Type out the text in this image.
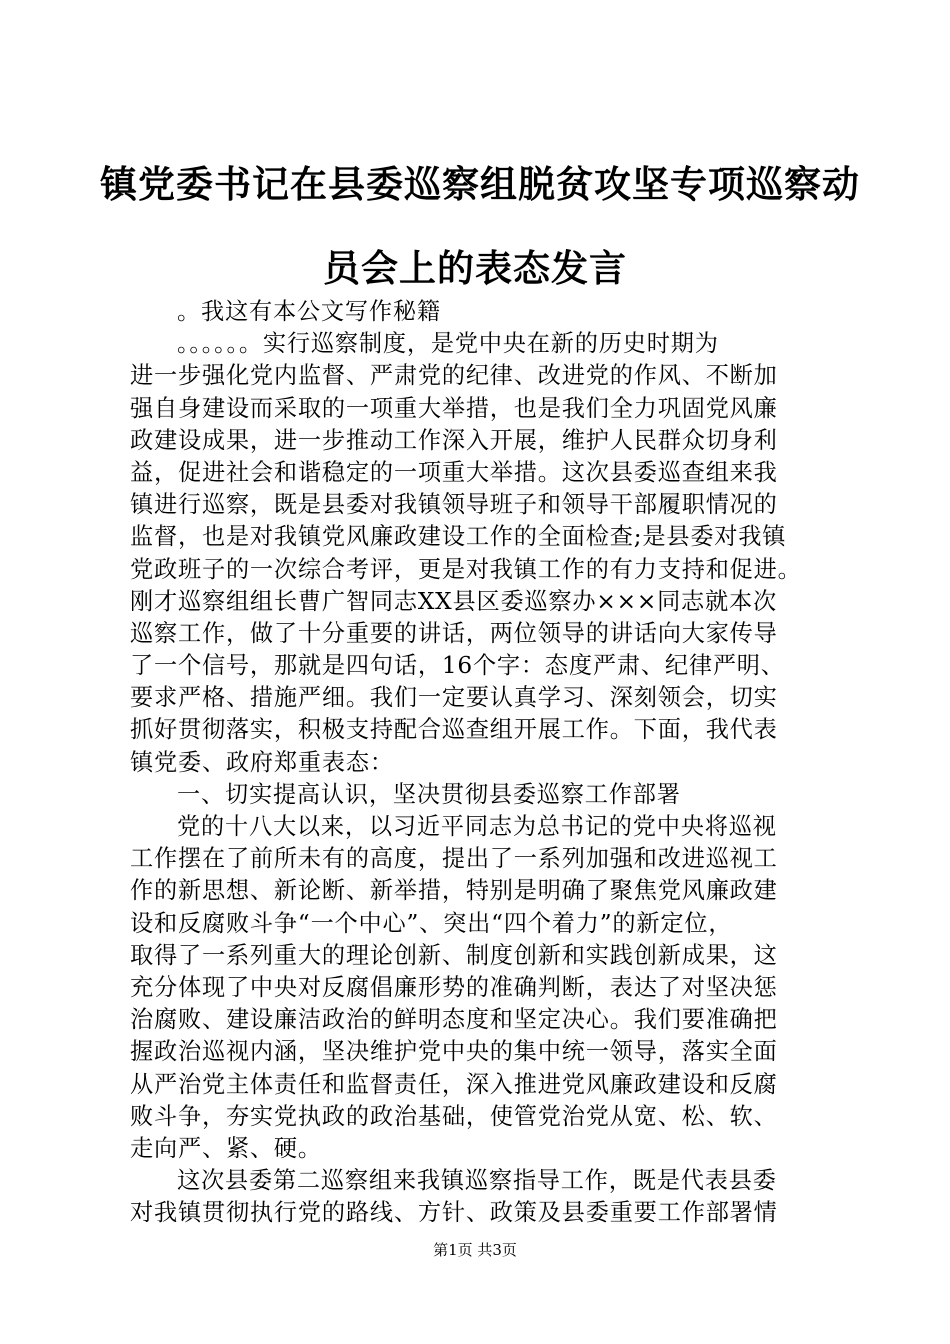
镇党委书记在县委巡察组脱贫攻坚专项巡察动
员会上的表态发言
。我这有本公文写作秘籍
。。。。。。实行巡察制度，是党中央在新的历史时期为
进一步强化党内监督、严肃党的纪律、改进党的作风、不断加
强自身建设而采取的一项重大举措，也是我们全力巩固党风廉
政建设成果，进一步推动工作深入开展，维护人民群众切身利
益，促进社会和谐稳定的一项重大举措。这次县委巡查组来我
镇进行巡察，既是县委对我镇领导班子和领导干部履职情况的
监督，也是对我镇党风廉政建设工作的全面检查;是县委对我镇
党政班子的一次综合考评，更是对我镇工作的有力支持和促进。
刚才巡察组组长曹广智同志XX县区委巡察办×××同志就本次
巡察工作，做了十分重要的讲话，两位领导的讲话向大家传导
了一个信号，那就是四句话，16个字：态度严肃、纪律严明、
要求严格、措施严细。我们一定要认真学习、深刻领会，切实
抓好贯彻落实，积极支持配合巡查组开展工作。下面，我代表
镇党委、政府郑重表态：
一、切实提高认识，坚决贯彻县委巡察工作部署
党的十八大以来，以习近平同志为总书记的党中央将巡视
工作摆在了前所未有的高度，提出了一系列加强和改进巡视工
作的新思想、新论断、新举措，特别是明确了聚焦党风廉政建
设和反腐败斗争“一个中心”、突出“四个着力”的新定位，
取得了一系列重大的理论创新、制度创新和实践创新成果，这
充分体现了中央对反腐倡廉形势的准确判断，表达了对坚决惩
治腐败、建设廉洁政治的鲜明态度和坚定决心。我们要准确把
握政治巡视内涵，坚决维护党中央的集中统一领导，落实全面
从严治党主体责任和监督责任，深入推进党风廉政建设和反腐
败斗争，夯实党执政的政治基础，使管党治党从宽、松、软、
走向严、紧、硬。
这次县委第二巡察组来我镇巡察指导工作，既是代表县委
对我镇贯彻执行党的路线、方针、政策及县委重要工作部署情
第1页 共3页
